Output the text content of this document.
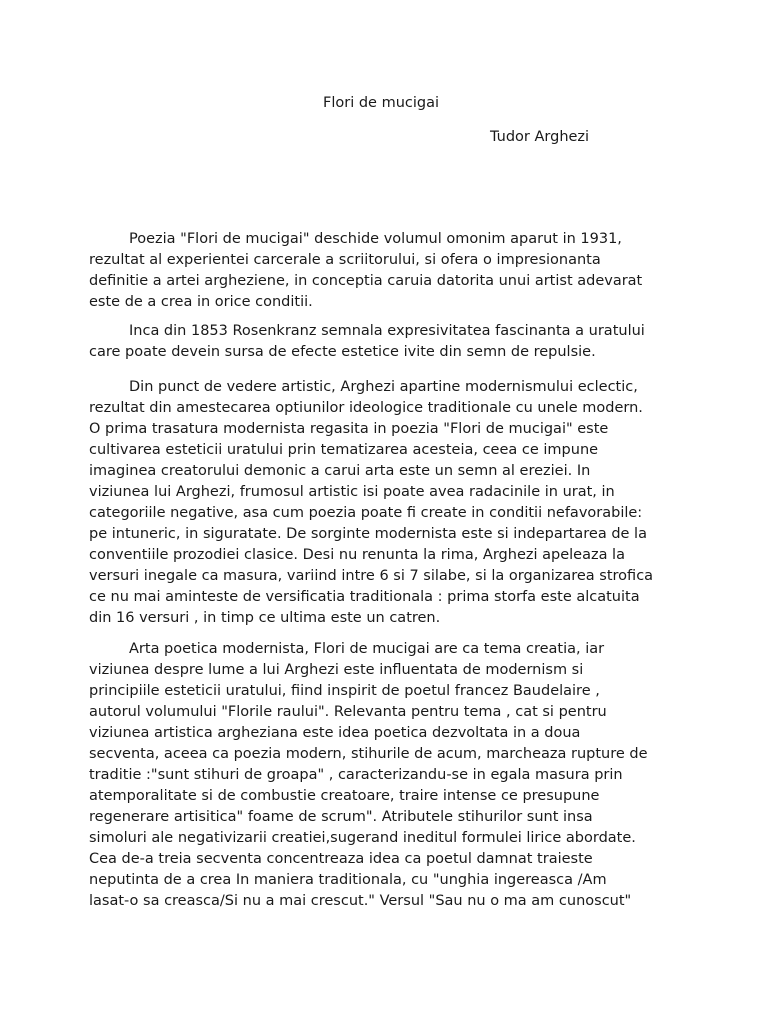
Flori de mucigai
Tudor Arghezi
Poezia "Flori de mucigai" deschide volumul omonim aparut in 1931,
rezultat al experientei carcerale a scriitorului, si ofera o impresionanta
definitie a artei argheziene, in conceptia caruia datorita unui artist adevarat
este de a crea in orice conditii.
Inca din 1853 Rosenkranz semnala expresivitatea fascinanta a uratului
care poate devein sursa de efecte estetice ivite din semn de repulsie.
Din punct de vedere artistic, Arghezi apartine modernismului eclectic,
rezultat din amestecarea optiunilor ideologice traditionale cu unele modern.
O prima trasatura modernista regasita in poezia "Flori de mucigai" este
cultivarea esteticii uratului prin tematizarea acesteia, ceea ce impune
imaginea creatorului demonic a carui arta este un semn al ereziei. In
viziunea lui Arghezi, frumosul artistic isi poate avea radacinile in urat, in
categoriile negative, asa cum poezia poate fi create in conditii nefavorabile:
pe intuneric, in siguratate. De sorginte modernista este si indepartarea de la
conventiile prozodiei clasice. Desi nu renunta la rima, Arghezi apeleaza la
versuri inegale ca masura, variind intre 6 si 7 silabe, si la organizarea strofica
ce nu mai aminteste de versificatia traditionala : prima storfa este alcatuita
din 16 versuri , in timp ce ultima este un catren.
Arta poetica modernista, Flori de mucigai are ca tema creatia, iar
viziunea despre lume a lui Arghezi este influentata de modernism si
principiile esteticii uratului, fiind inspirit de poetul francez Baudelaire ,
autorul volumului "Florile raului". Relevanta pentru tema , cat si pentru
viziunea artistica argheziana este idea poetica dezvoltata in a doua
secventa, aceea ca poezia modern, stihurile de acum, marcheaza rupture de
traditie :"sunt stihuri de groapa" , caracterizandu-se in egala masura prin
atemporalitate si de combustie creatoare, traire intense ce presupune
regenerare artisitica" foame de scrum". Atributele stihurilor sunt insa
simoluri ale negativizarii creatiei,sugerand ineditul formulei lirice abordate.
Cea de-a treia secventa concentreaza idea ca poetul damnat traieste
neputinta de a crea In maniera traditionala, cu "unghia ingereasca /Am
lasat-o sa creasca/Si nu a mai crescut." Versul "Sau nu o ma am cunoscut"
